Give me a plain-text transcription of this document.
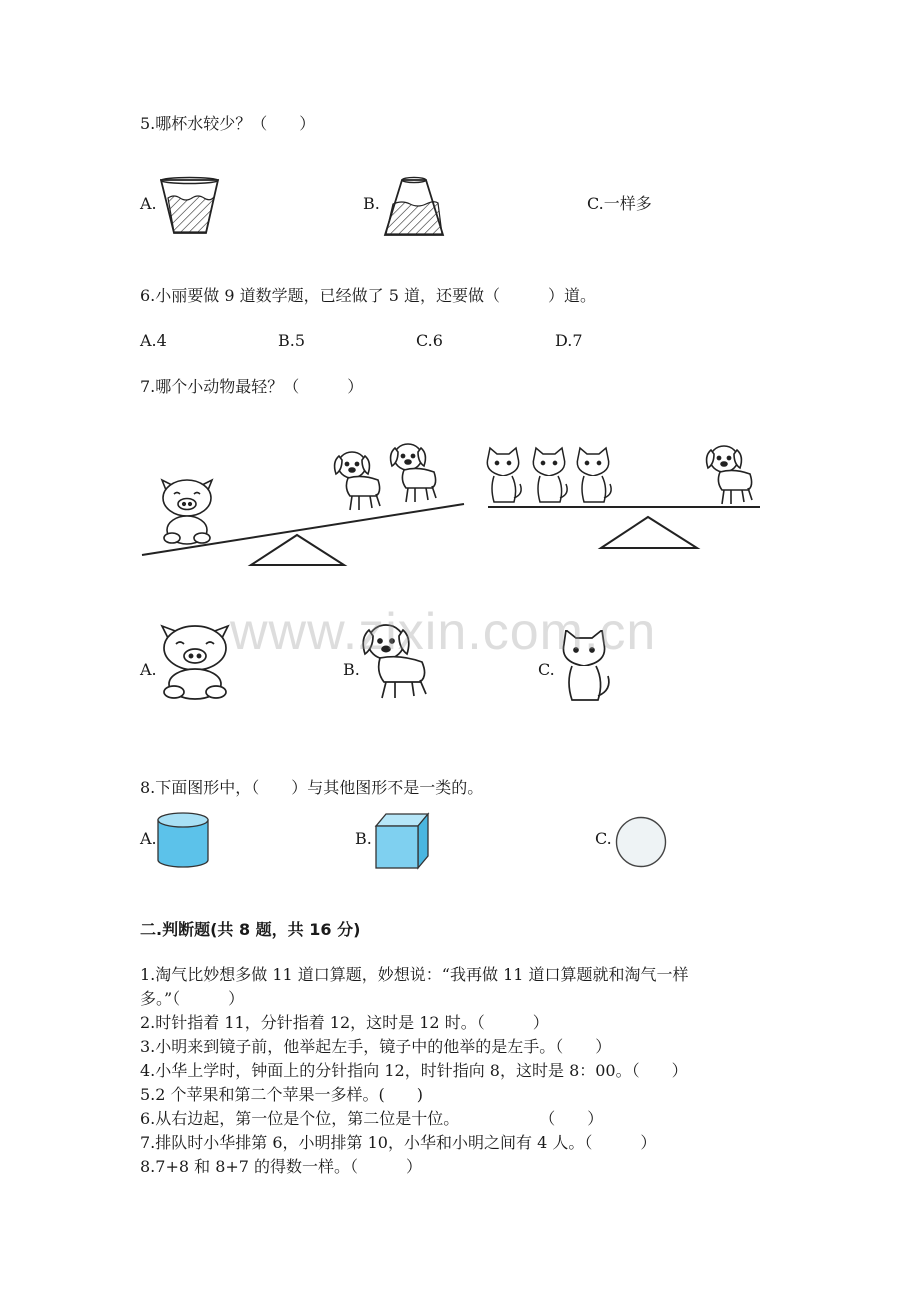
5.哪杯水较少？（　　）
A.	B.	C.一样多
6.小丽要做 9 道数学题，已经做了 5 道，还要做（　　　）道。
A.4	B.5	C.6	D.7
7.哪个小动物最轻？（　　　）
A.	B.	C.
www.zixin.com.cn
8.下面图形中，（　　）与其他图形不是一类的。
A.	B.	C.
二.判断题(共 8 题，共 16 分)
1.淘气比妙想多做 11 道口算题，妙想说：“我再做 11 道口算题就和淘气一样
多。”（　　　）
2.时针指着 11，分针指着 12，这时是 12 时。（　　　）
3.小明来到镜子前，他举起左手，镜子中的他举的是左手。（　　）
4.小华上学时，钟面上的分针指向 12，时针指向 8，这时是 8：00。（　　）
5.2 个苹果和第二个苹果一多样。(　　)
6.从右边起，第一位是个位，第二位是十位。　　　　　　（　　）
7.排队时小华排第 6，小明排第 10，小华和小明之间有 4 人。（　　　）
8.7+8 和 8+7 的得数一样。（　　　）
